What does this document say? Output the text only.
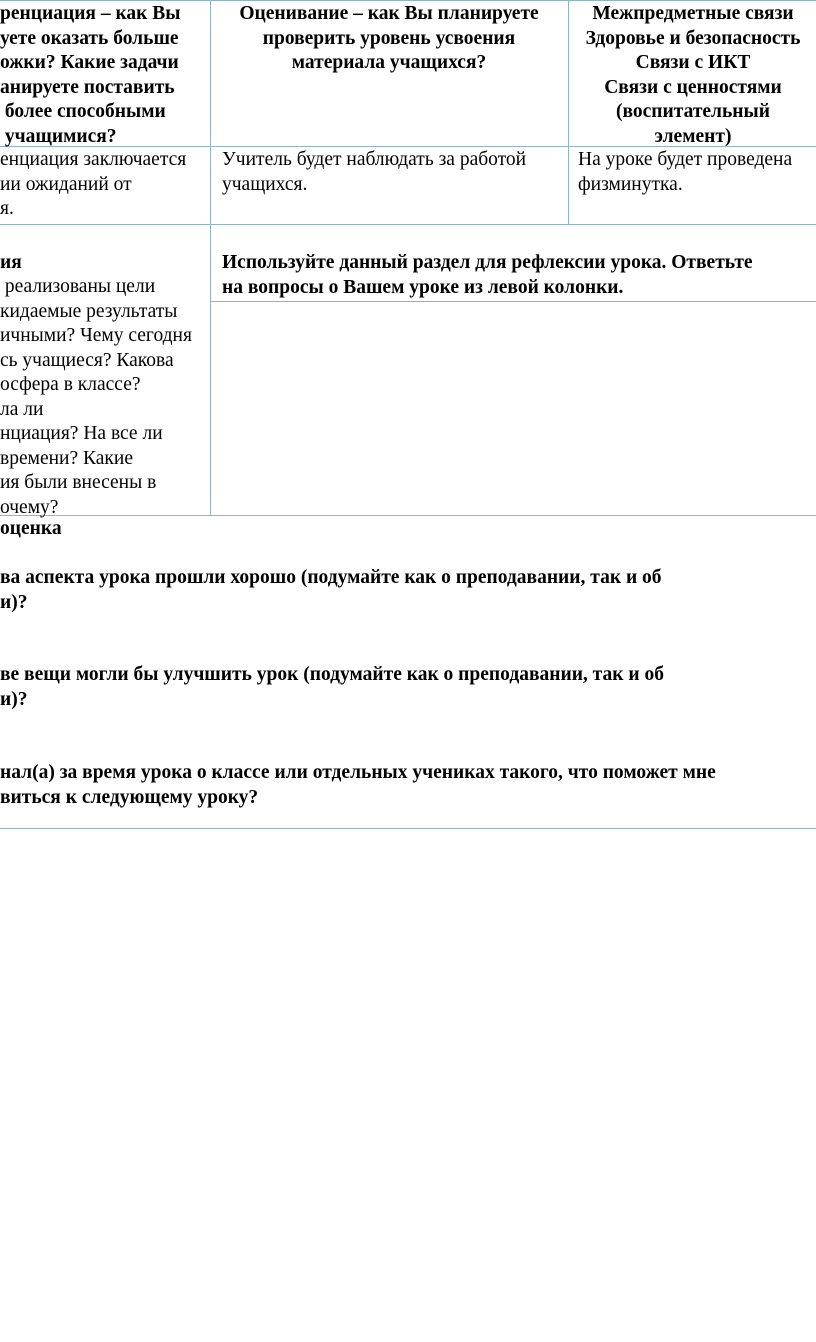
ренциация – как Вы
уете оказать больше
ожки? Какие задачи
анируете поставить
более способными
учащимися?
Оценивание – как Вы планируете
проверить уровень усвоения
материала учащихся?
Межпредметные связи
Здоровье и безопасность
Связи с ИКТ
Связи с ценностями
(воспитательный
элемент)
енциация заключается
ии ожиданий от
я.
Учитель будет наблюдать за работой
учащихся.
На уроке будет проведена
физминутка.
ия
реализованы цели
кидаемые результаты
ичными? Чему сегодня
сь учащиеся? Какова
осфера в классе?
ла ли
нциация? На все ли
времени? Какие
ия были внесены в
очему?
Используйте данный раздел для рефлексии урока. Ответьте
на вопросы о Вашем уроке из левой колонки.
оценка
ва аспекта урока прошли хорошо (подумайте как о преподавании, так и об
и)?
ве вещи могли бы улучшить урок (подумайте как о преподавании, так и об
и)?
нал(а) за время урока о классе или отдельных учениках такого, что поможет мне
виться к следующему уроку?
